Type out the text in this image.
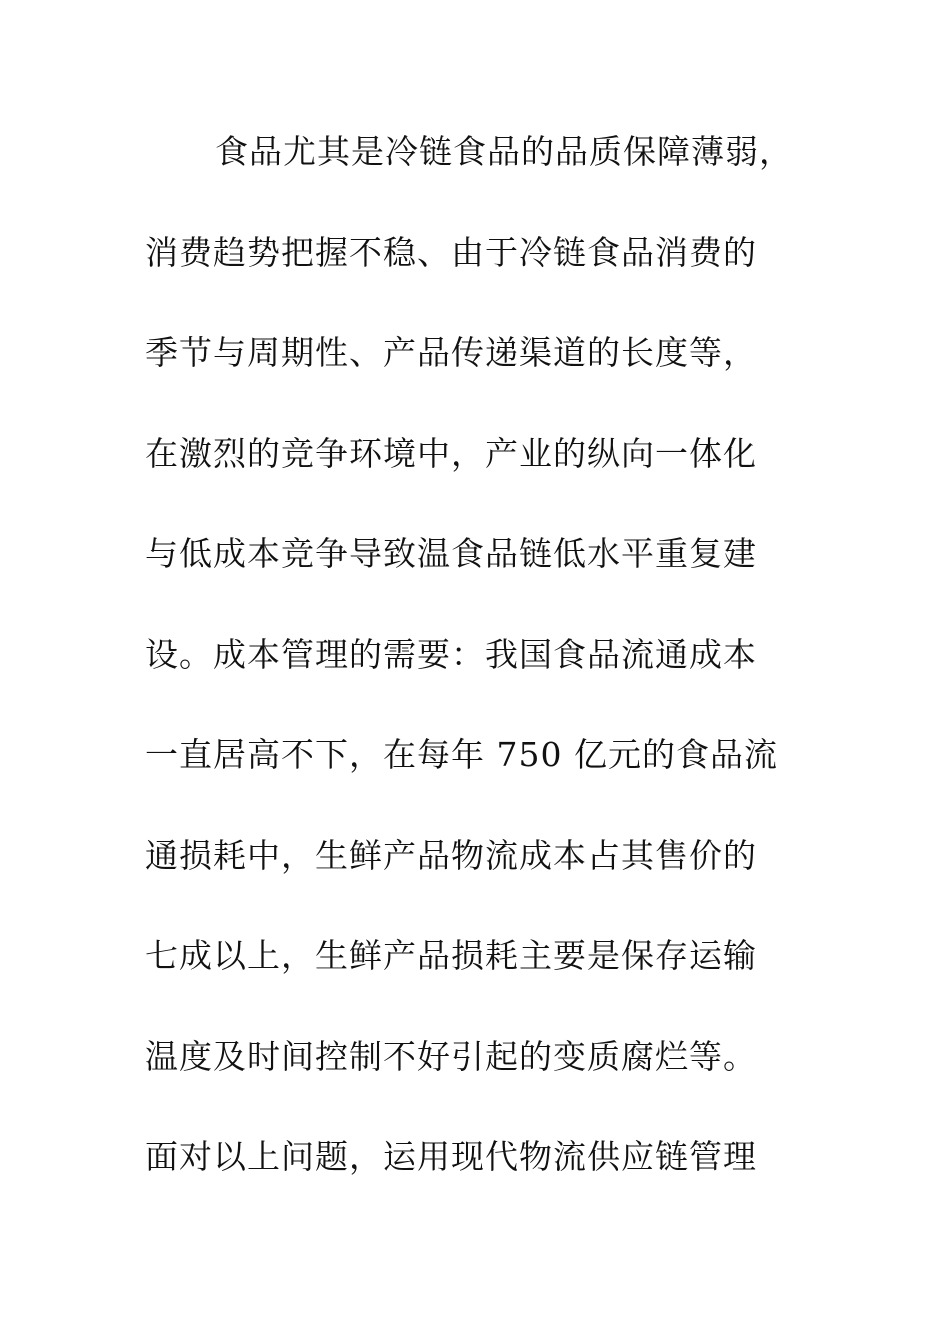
食品尤其是冷链食品的品质保障薄弱，
消费趋势把握不稳、由于冷链食品消费的
季节与周期性、产品传递渠道的长度等，
在激烈的竞争环境中，产业的纵向一体化
与低成本竞争导致温食品链低水平重复建
设。成本管理的需要：我国食品流通成本
一直居高不下，在每年 750 亿元的食品流
通损耗中，生鲜产品物流成本占其售价的
七成以上，生鲜产品损耗主要是保存运输
温度及时间控制不好引起的变质腐烂等。
面对以上问题，运用现代物流供应链管理
